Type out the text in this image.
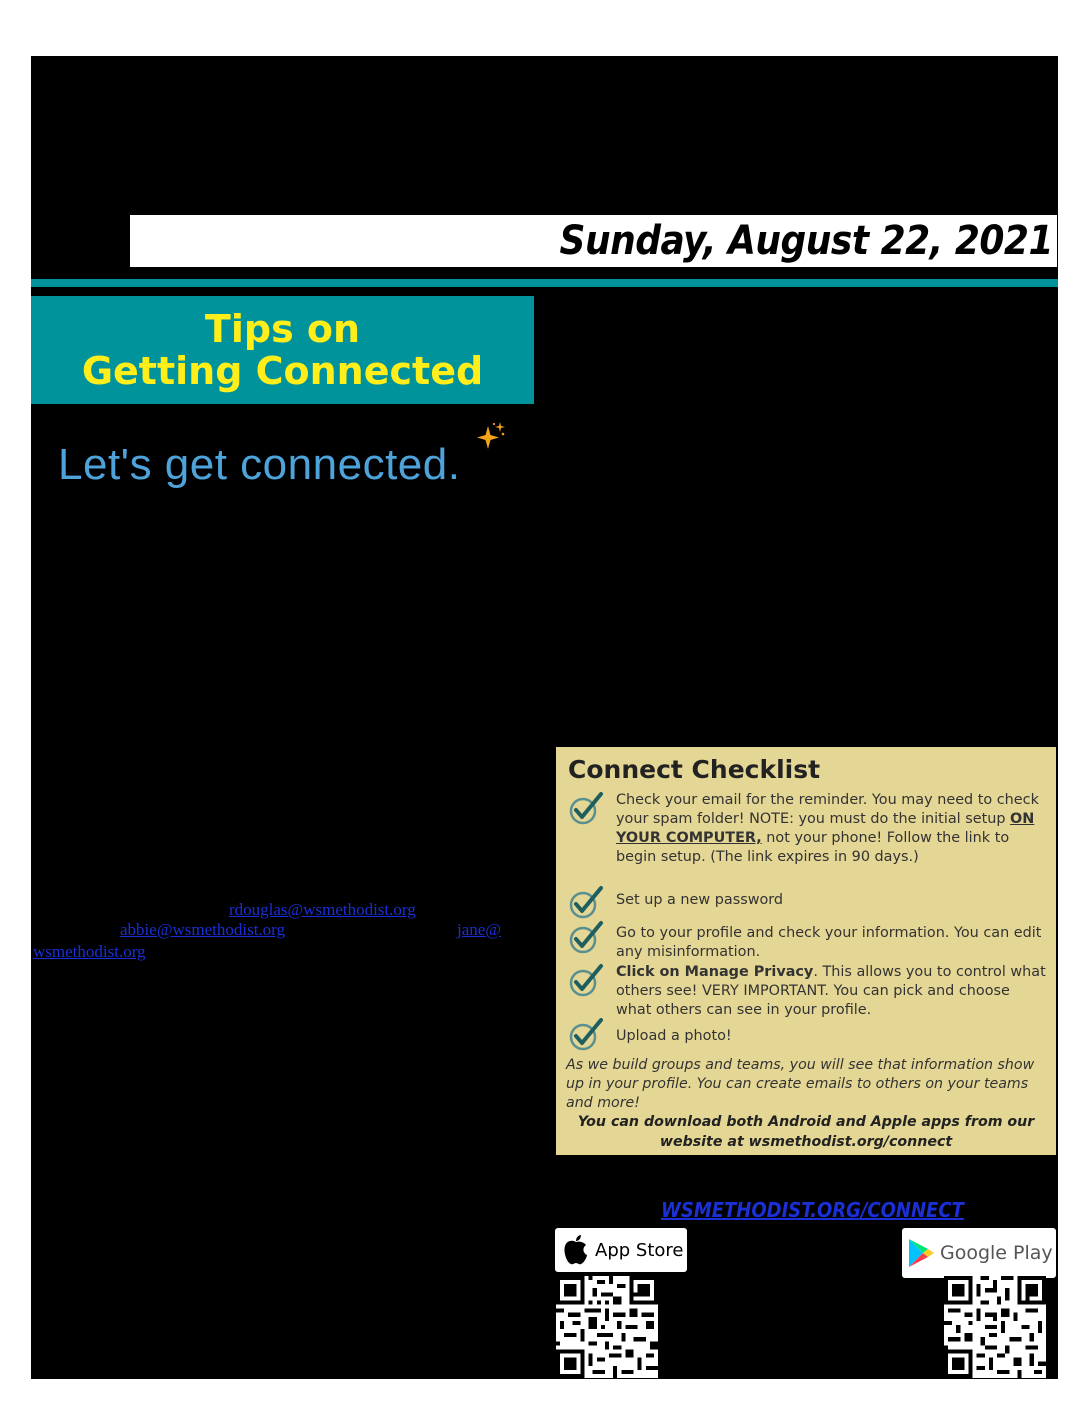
Sunday, August 22, 2021
Tips on
Getting Connected
Let's get connected.
rdouglas@wsmethodist.org
abbie@wsmethodist.org	jane@
wsmethodist.org
Connect Checklist
Check your email for the reminder. You may need to check your spam folder! NOTE: you must do the initial setup ON YOUR COMPUTER, not your phone! Follow the link to begin setup. (The link expires in 90 days.)
Set up a new password
Go to your profile and check your information. You can edit any misinformation.
Click on Manage Privacy. This allows you to control what others see! VERY IMPORTANT. You can pick and choose what others can see in your profile.
Upload a photo!
As we build groups and teams, you will see that information show up in your profile. You can create emails to others on your teams and more!
You can download both Android and Apple apps from our website at wsmethodist.org/connect
WSMETHODIST.ORG/CONNECT
App Store	Google Play
